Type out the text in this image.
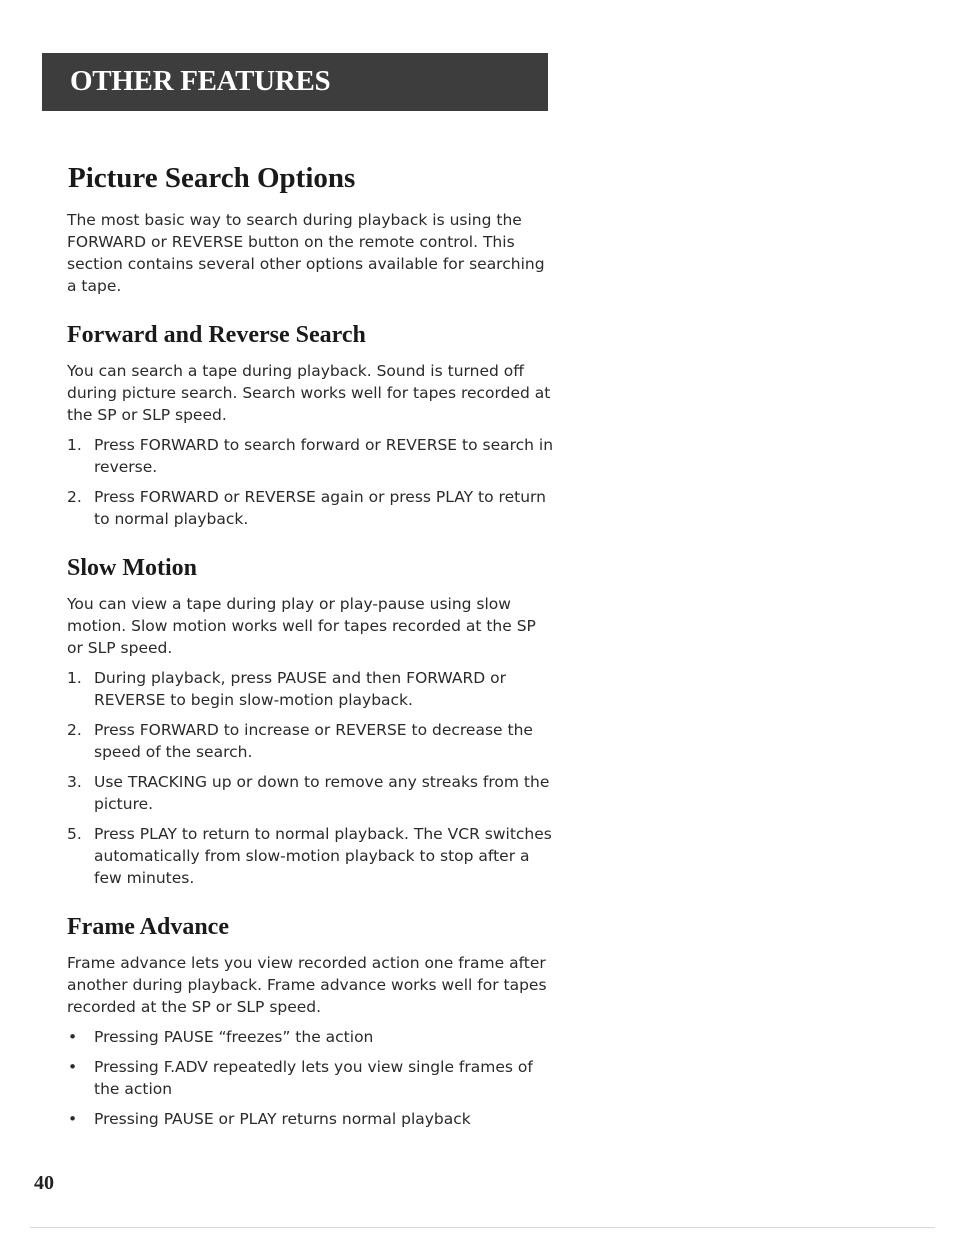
OTHER FEATURES
Picture Search Options

The most basic way to search during playback is using the FORWARD or REVERSE button on the remote control. This section contains several other options available for searching a tape.

Forward and Reverse Search

You can search a tape during playback. Sound is turned off during picture search. Search works well for tapes recorded at the SP or SLP speed.

1. Press FORWARD to search forward or REVERSE to search in reverse.
2. Press FORWARD or REVERSE again or press PLAY to return to normal playback.
Slow Motion

You can view a tape during play or play-pause using slow motion. Slow motion works well for tapes recorded at the SP or SLP speed.

1. During playback, press PAUSE and then FORWARD or REVERSE to begin slow-motion playback.
2. Press FORWARD to increase or REVERSE to decrease the speed of the search.
3. Use TRACKING up or down to remove any streaks from the picture.
5. Press PLAY to return to normal playback. The VCR switches automatically from slow-motion playback to stop after a few minutes.
Frame Advance

Frame advance lets you view recorded action one frame after another during playback. Frame advance works well for tapes recorded at the SP or SLP speed.

• Pressing PAUSE “freezes” the action
• Pressing F.ADV repeatedly lets you view single frames of the action
• Pressing PAUSE or PLAY returns normal playback
40
